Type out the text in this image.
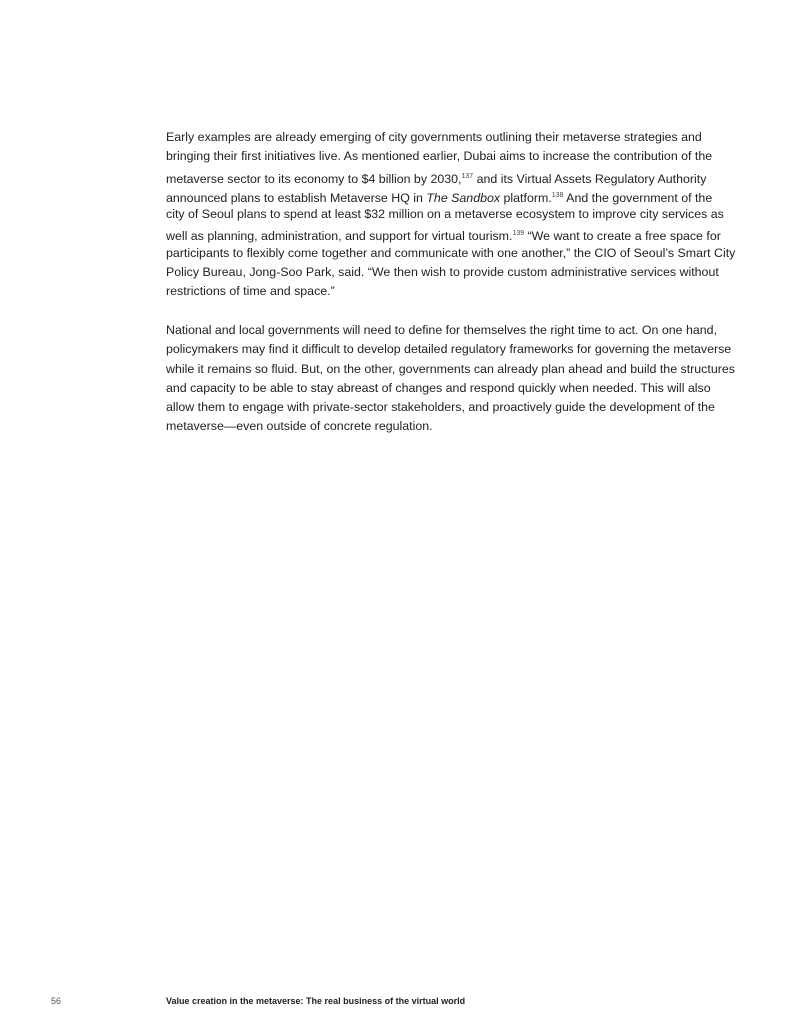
Early examples are already emerging of city governments outlining their metaverse strategies and
bringing their first initiatives live. As mentioned earlier, Dubai aims to increase the contribution of the
metaverse sector to its economy to $4 billion by 2030,$^{137}$ and its Virtual Assets Regulatory Authority
announced plans to establish Metaverse HQ in The Sandbox platform.$^{138}$ And the government of the
city of Seoul plans to spend at least $32 million on a metaverse ecosystem to improve city services as
well as planning, administration, and support for virtual tourism.$^{139}$ “We want to create a free space for
participants to flexibly come together and communicate with one another,” the CIO of Seoul’s Smart City
Policy Bureau, Jong-Soo Park, said. “We then wish to provide custom administrative services without
restrictions of time and space.”

National and local governments will need to define for themselves the right time to act. On one hand,
policymakers may find it difficult to develop detailed regulatory frameworks for governing the metaverse
while it remains so fluid. But, on the other, governments can already plan ahead and build the structures
and capacity to be able to stay abreast of changes and respond quickly when needed. This will also
allow them to engage with private-sector stakeholders, and proactively guide the development of the
metaverse—even outside of concrete regulation.

56	Value creation in the metaverse: The real business of the virtual world
